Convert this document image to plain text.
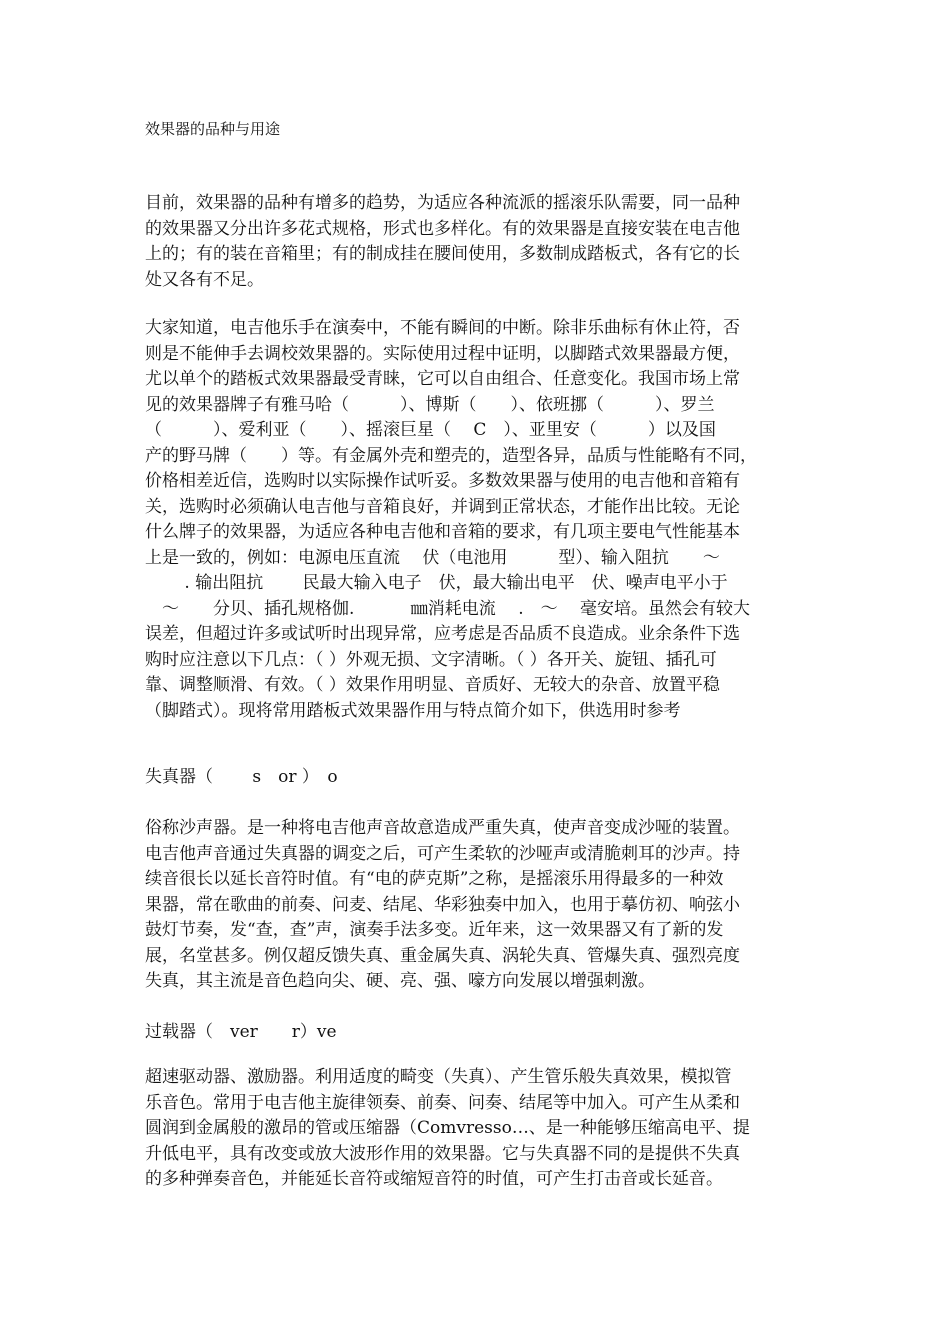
效果器的品种与用途
目前，效果器的品种有增多的趋势，为适应各种流派的摇滚乐队需要，同一品种
的效果器又分出许多花式规格，形式也多样化。有的效果器是直接安装在电吉他
上的；有的装在音箱里；有的制成挂在腰间使用，多数制成踏板式，各有它的长
处又各有不足。
大家知道，电吉他乐手在演奏中，不能有瞬间的中断。除非乐曲标有休止符，否
则是不能伸手去调校效果器的。实际使用过程中证明，以脚踏式效果器最方便，
尤以单个的踏板式效果器最受青睐，它可以自由组合、任意变化。我国市场上常
见的效果器牌子有雅马哈（　　　）、博斯（　　）、依班挪（　　　）、罗兰
（　　　）、爱利亚（　　）、摇滚巨星（　 C　）、亚里安（　　　）以及国
产的野马牌（　　）等。有金属外壳和塑壳的，造型各异，品质与性能略有不同，
价格相差近信，选购时以实际操作试听妥。多数效果器与使用的电吉他和音箱有
关，选购时必须确认电吉他与音箱良好，并调到正常状态，才能作出比较。无论
什么牌子的效果器，为适应各种电吉他和音箱的要求，有几项主要电气性能基本
上是一致的，例如：电源电压直流　 伏（电池用　　　型）、输入阻抗　　～
　　 . 输出阻抗　　 民最大输入电子　伏，最大输出电平　伏、噪声电平小于
　～　　分贝、插孔规格伽.　　　 ㎜消耗电流　 .　～　 毫安培。虽然会有较大
误差，但超过许多或试听时出现异常，应考虑是否品质不良造成。业余条件下选
购时应注意以下几点：（ ）外观无损、文字清晰。（ ）各开关、旋钮、插孔可
靠、调整顺滑、有效。（ ）效果作用明显、音质好、无较大的杂音、放置平稳
（脚踏式）。现将常用踏板式效果器作用与特点简介如下，供选用时参考
失真器（　　 s　or ）　o
俗称沙声器。是一种将电吉他声音故意造成严重失真，使声音变成沙哑的装置。
电吉他声音通过失真器的调変之后，可产生柔软的沙哑声或清脆刺耳的沙声。持
续音很长以延长音符时值。有“电的萨克斯”之称，是摇滚乐用得最多的一种效
果器，常在歌曲的前奏、问麦、结尾、华彩独奏中加入，也用于摹仿初、响弦小
鼓灯节奏，发“查，查”声，演奏手法多变。近年来，这一效果器又有了新的发
展，名堂甚多。例仅超反馈失真、重金属失真、涡轮失真、管爆失真、强烈亮度
失真，其主流是音色趋向尖、硬、亮、强、嚎方向发展以增强刺激。
过载器（　ver　　r）ve
超速驱动器、激励器。利用适度的畸变（失真）、产生管乐般失真效果，模拟管
乐音色。常用于电吉他主旋律领奏、前奏、问奏、结尾等中加入。可产生从柔和
圆润到金属般的激昂的管或压缩器（Comvresso…、是一种能够压缩高电平、提
升低电平，具有改变或放大波形作用的效果器。它与失真器不同的是提供不失真
的多种弹奏音色，并能延长音符或缩短音符的时值，可产生打击音或长延音。
